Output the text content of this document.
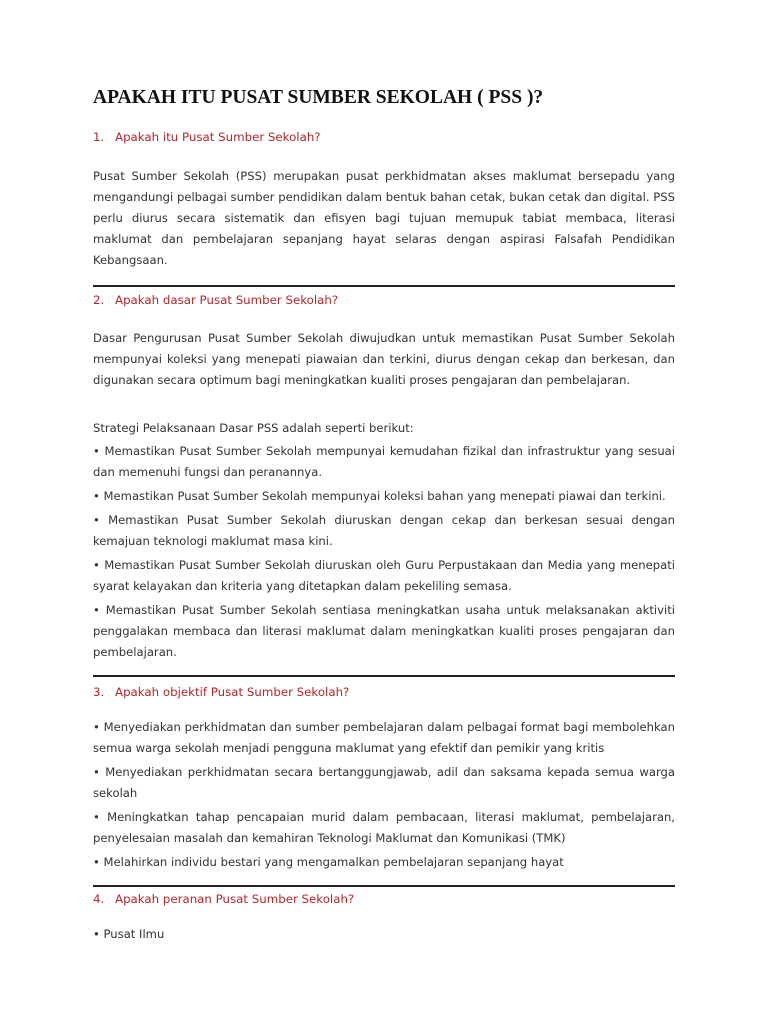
APAKAH ITU PUSAT SUMBER SEKOLAH ( PSS )?
1. Apakah itu Pusat Sumber Sekolah?

Pusat Sumber Sekolah (PSS) merupakan pusat perkhidmatan akses maklumat bersepadu yang mengandungi pelbagai sumber pendidikan dalam bentuk bahan cetak, bukan cetak dan digital. PSS perlu diurus secara sistematik dan efisyen bagi tujuan memupuk tabiat membaca, literasi maklumat dan pembelajaran sepanjang hayat selaras dengan aspirasi Falsafah Pendidikan Kebangsaan.

2. Apakah dasar Pusat Sumber Sekolah?

Dasar Pengurusan Pusat Sumber Sekolah diwujudkan untuk memastikan Pusat Sumber Sekolah mempunyai koleksi yang menepati piawaian dan terkini, diurus dengan cekap dan berkesan, dan digunakan secara optimum bagi meningkatkan kualiti proses pengajaran dan pembelajaran.

Strategi Pelaksanaan Dasar PSS adalah seperti berikut:

• Memastikan Pusat Sumber Sekolah mempunyai kemudahan fizikal dan infrastruktur yang sesuai dan memenuhi fungsi dan peranannya.

• Memastikan Pusat Sumber Sekolah mempunyai koleksi bahan yang menepati piawai dan terkini.

• Memastikan Pusat Sumber Sekolah diuruskan dengan cekap dan berkesan sesuai dengan kemajuan teknologi maklumat masa kini.

• Memastikan Pusat Sumber Sekolah diuruskan oleh Guru Perpustakaan dan Media yang menepati syarat kelayakan dan kriteria yang ditetapkan dalam pekeliling semasa.

• Memastikan Pusat Sumber Sekolah sentiasa meningkatkan usaha untuk melaksanakan aktiviti penggalakan membaca dan literasi maklumat dalam meningkatkan kualiti proses pengajaran dan pembelajaran.

3. Apakah objektif Pusat Sumber Sekolah?

• Menyediakan perkhidmatan dan sumber pembelajaran dalam pelbagai format bagi membolehkan semua warga sekolah menjadi pengguna maklumat yang efektif dan pemikir yang kritis

• Menyediakan perkhidmatan secara bertanggungjawab, adil dan saksama kepada semua warga sekolah

• Meningkatkan tahap pencapaian murid dalam pembacaan, literasi maklumat, pembelajaran, penyelesaian masalah dan kemahiran Teknologi Maklumat dan Komunikasi (TMK)

• Melahirkan individu bestari yang mengamalkan pembelajaran sepanjang hayat

4. Apakah peranan Pusat Sumber Sekolah?

• Pusat Ilmu
